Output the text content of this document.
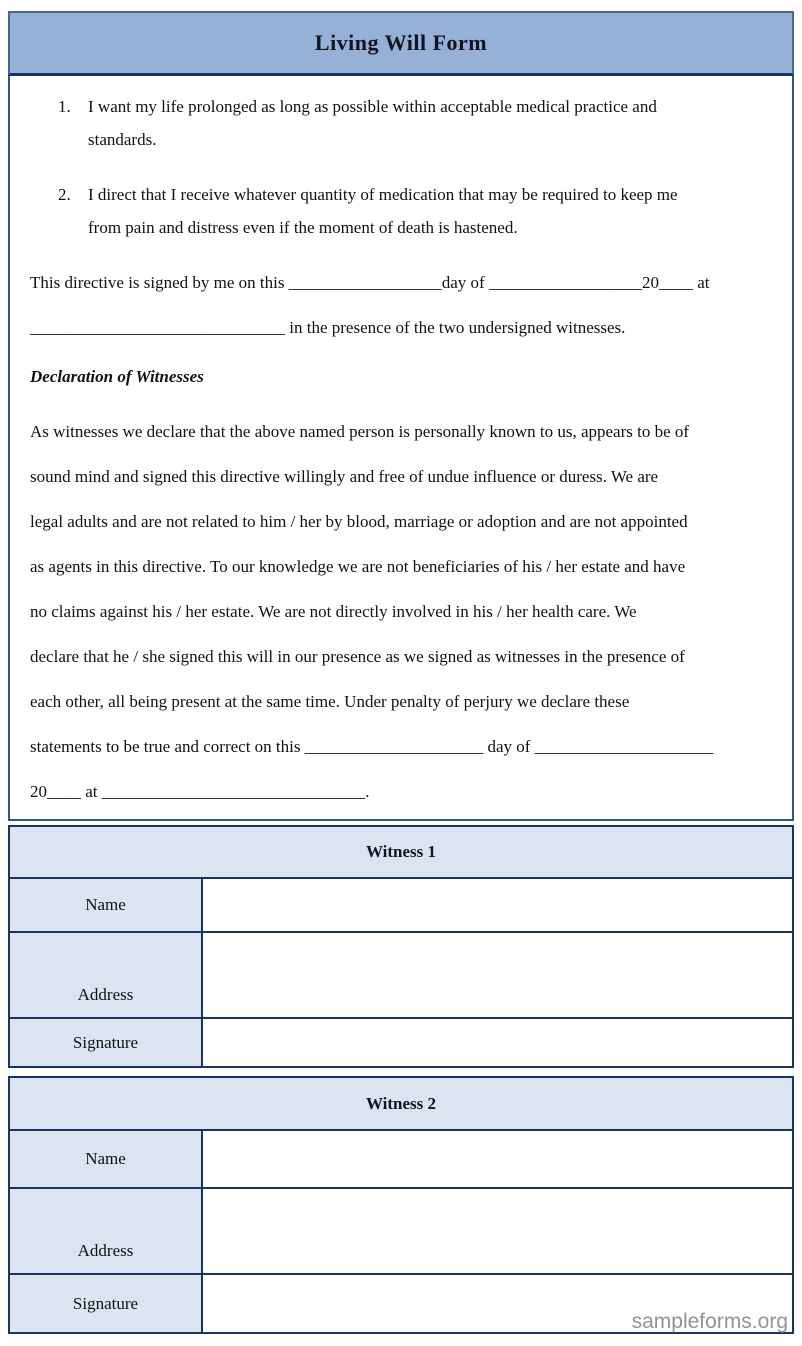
Living Will Form
1. I want my life prolonged as long as possible within acceptable medical practice and
standards.
2. I direct that I receive whatever quantity of medication that may be required to keep me
from pain and distress even if the moment of death is hastened.
This directive is signed by me on this __________________day of __________________20____ at
______________________________ in the presence of the two undersigned witnesses.
Declaration of Witnesses
As witnesses we declare that the above named person is personally known to us, appears to be of
sound mind and signed this directive willingly and free of undue influence or duress. We are
legal adults and are not related to him / her by blood, marriage or adoption and are not appointed
as agents in this directive. To our knowledge we are not beneficiaries of his / her estate and have
no claims against his / her estate. We are not directly involved in his / her health care. We
declare that he / she signed this will in our presence as we signed as witnesses in the presence of
each other, all being present at the same time. Under penalty of perjury we declare these
statements to be true and correct on this _____________________ day of _____________________
20____ at _______________________________.
Witness 1
Name
Address
Signature
Witness 2
Name
Address
Signature
sampleforms.org
